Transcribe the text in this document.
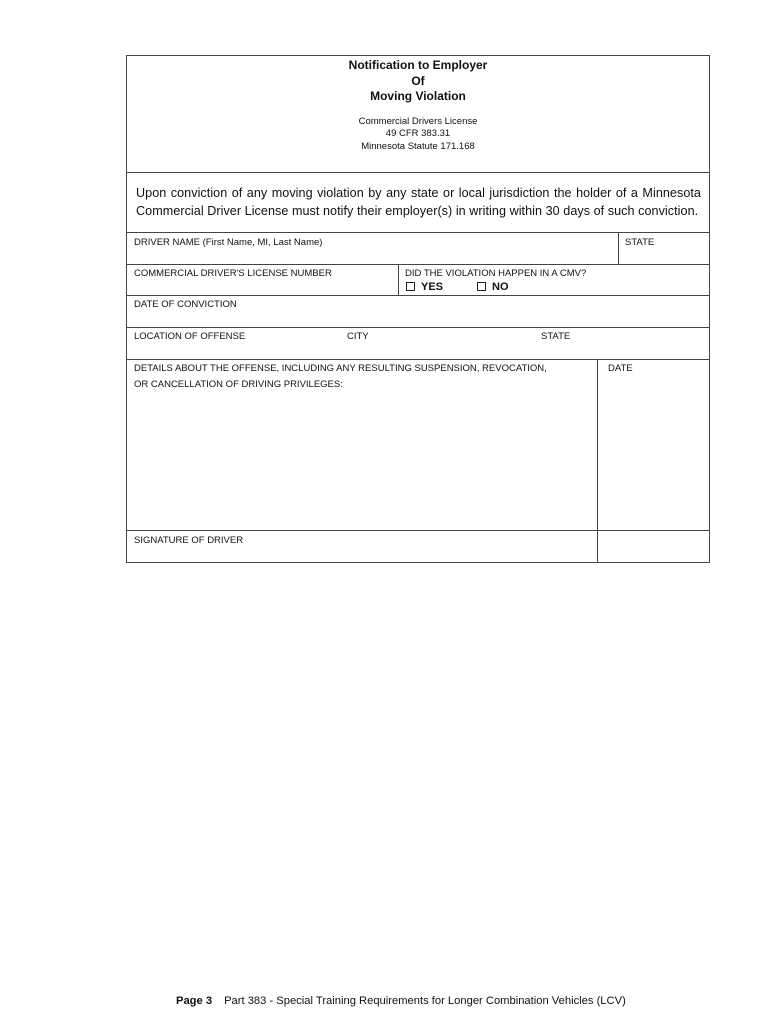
Notification to Employer
Of
Moving Violation
Commercial Drivers License
49 CFR 383.31
Minnesota Statute 171.168
Upon conviction of any moving violation by any state or local jurisdiction the holder of a Minnesota Commercial Driver License must notify their employer(s) in writing within 30 days of such conviction.
DRIVER NAME (First Name, MI, Last Name)	STATE
COMMERCIAL DRIVER'S LICENSE NUMBER	DID THE VIOLATION HAPPEN IN A CMV?
YES	NO
DATE OF CONVICTION
LOCATION OF OFFENSE	CITY	STATE
DETAILS ABOUT THE OFFENSE, INCLUDING ANY RESULTING SUSPENSION, REVOCATION,
OR CANCELLATION OF DRIVING PRIVILEGES:
DATE
SIGNATURE OF DRIVER
Page 3 Part 383 - Special Training Requirements for Longer Combination Vehicles (LCV)
